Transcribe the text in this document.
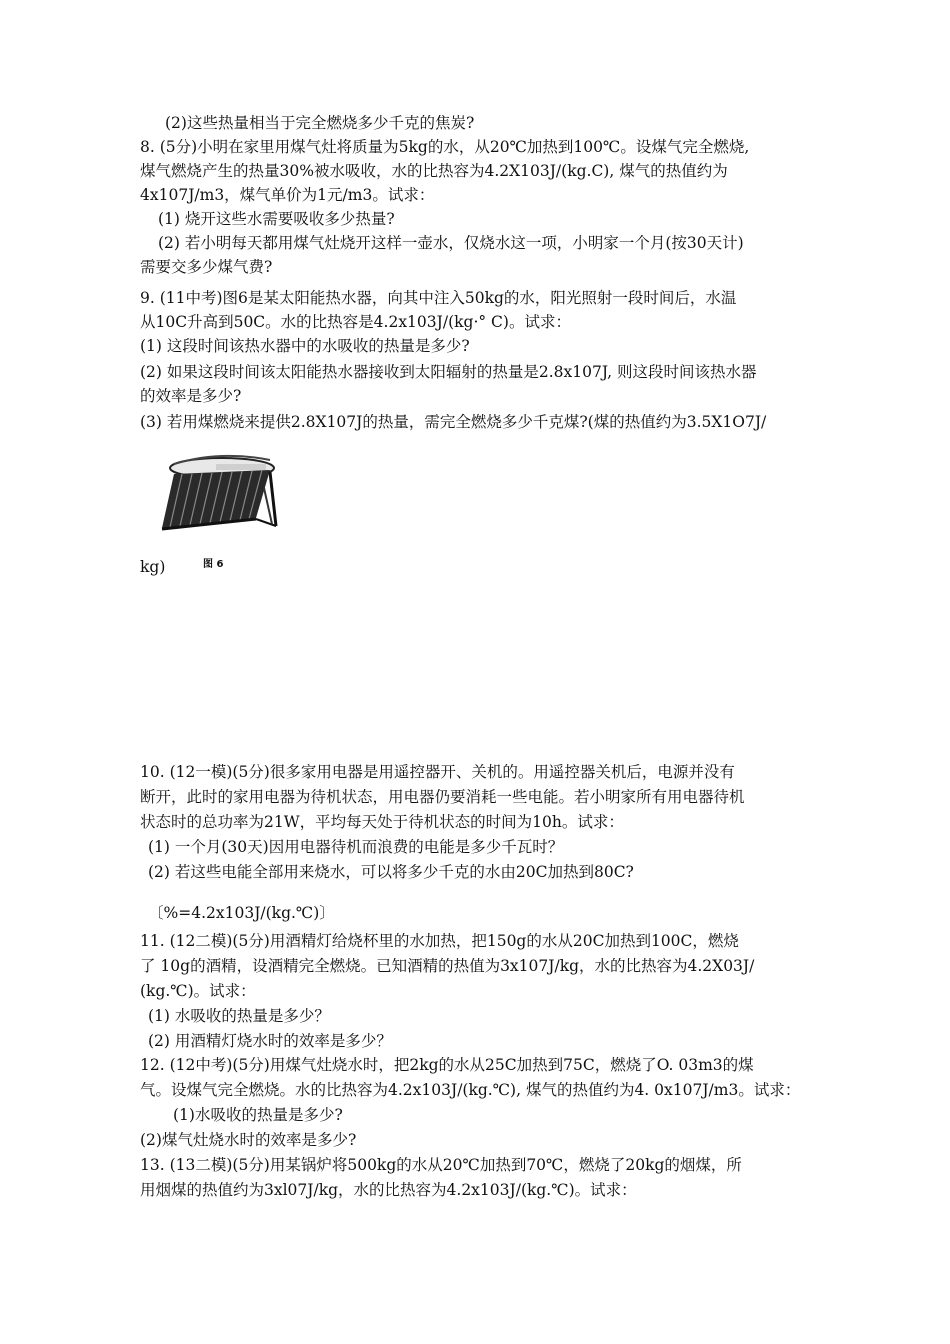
(2)这些热量相当于完全燃烧多少千克的焦炭?
8. (5分)小明在家里用煤气灶将质量为5kg的水，从20℃加热到100℃。设煤气完全燃烧,
煤气燃烧产生的热量30%被水吸收，水的比热容为4.2X103J/(kg.C), 煤气的热值约为
4x107J/m3，煤气单价为1元/m3。试求：
(1) 烧开这些水需要吸收多少热量?
(2) 若小明每天都用煤气灶烧开这样一壶水，仅烧水这一项，小明家一个月(按30天计)
需要交多少煤气费?
9. (11中考)图6是某太阳能热水器，向其中注入50kg的水，阳光照射一段时间后，水温
从10C升高到50C。水的比热容是4.2x103J/(kg·° C)。试求：
(1) 这段时间该热水器中的水吸收的热量是多少?
(2) 如果这段时间该太阳能热水器接收到太阳辐射的热量是2.8x107J, 则这段时间该热水器
的效率是多少?
(3) 若用煤燃烧来提供2.8X107J的热量，需完全燃烧多少千克煤?(煤的热值约为3.5X1O7J/
图 6
kg)
10. (12一模)(5分)很多家用电器是用遥控器开、关机的。用遥控器关机后，电源并没有
断开，此时的家用电器为待机状态，用电器仍要消耗一些电能。若小明家所有用电器待机
状态时的总功率为21W，平均每天处于待机状态的时间为10h。试求：
(1) 一个月(30天)因用电器待机而浪费的电能是多少千瓦时？
(2) 若这些电能全部用来烧水，可以将多少千克的水由20C加热到80C?
〔%=4.2x103J/(kg.℃)〕
11. (12二模)(5分)用酒精灯给烧杯里的水加热，把150g的水从20C加热到100C，燃烧
了 10g的酒精，设酒精完全燃烧。已知酒精的热值为3x107J/kg，水的比热容为4.2X03J/
(kg.℃)。试求：
(1) 水吸收的热量是多少？
(2) 用酒精灯烧水时的效率是多少？
12. (12中考)(5分)用煤气灶烧水时，把2kg的水从25C加热到75C，燃烧了O. 03m3的煤
气。设煤气完全燃烧。水的比热容为4.2x103J/(kg.℃), 煤气的热值约为4. 0x107J/m3。试求：
(1)水吸收的热量是多少?
(2)煤气灶烧水时的效率是多少?
13. (13二模)(5分)用某锅炉将500kg的水从20℃加热到70℃，燃烧了20kg的烟煤，所
用烟煤的热值约为3xl07J/kg，水的比热容为4.2x103J/(kg.℃)。试求：
